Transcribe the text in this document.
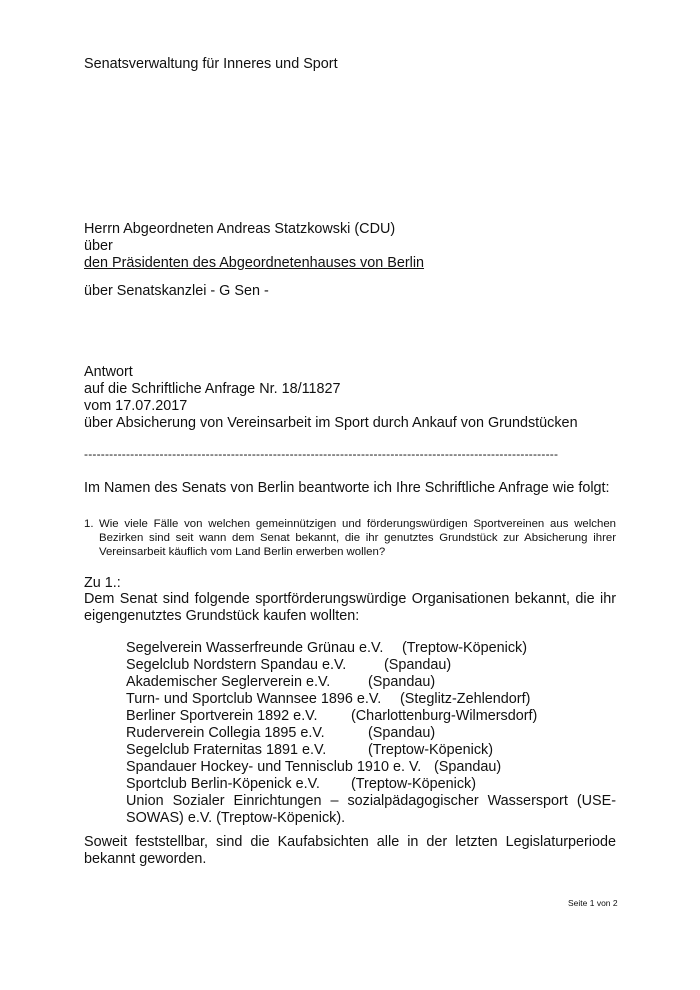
Senatsverwaltung für Inneres und Sport

Herrn Abgeordneten Andreas Statzkowski (CDU)

über

den Präsidenten des Abgeordnetenhauses von Berlin

über Senatskanzlei - G Sen -

Antwort

auf die Schriftliche Anfrage Nr. 18/11827

vom 17.07.2017

über Absicherung von Vereinsarbeit im Sport durch Ankauf von Grundstücken

-----------------------------------------------------------------------------------------------------------------

Im Namen des Senats von Berlin beantworte ich Ihre Schriftliche Anfrage wie folgt:

1. Wie viele Fälle von welchen gemeinnützigen und förderungswürdigen Sportvereinen aus welchen Bezirken sind seit wann dem Senat bekannt, die ihr genutztes Grundstück zur Absicherung ihrer Vereinsarbeit käuflich vom Land Berlin erwerben wollen?

Zu 1.:

Dem Senat sind folgende sportförderungswürdige Organisationen bekannt, die ihr eigengenutztes Grundstück kaufen wollten:

Segelverein Wasserfreunde Grünau e.V. (Treptow-Köpenick)
Segelclub Nordstern Spandau e.V.	(Spandau)
Akademischer Seglerverein e.V.	(Spandau)
Turn- und Sportclub Wannsee 1896 e.V. (Steglitz-Zehlendorf)
Berliner Sportverein 1892 e.V. (Charlottenburg-Wilmersdorf)
Ruderverein Collegia 1895 e.V.	(Spandau)
Segelclub Fraternitas 1891 e.V.	(Treptow-Köpenick)
Spandauer Hockey- und Tennisclub 1910 e. V. (Spandau)
Sportclub Berlin-Köpenick e.V. (Treptow-Köpenick)
Union Sozialer Einrichtungen – sozialpädagogischer Wassersport (USE-SOWAS) e.V. (Treptow-Köpenick).

Soweit feststellbar, sind die Kaufabsichten alle in der letzten Legislaturperiode bekannt geworden.

Seite 1 von 2
